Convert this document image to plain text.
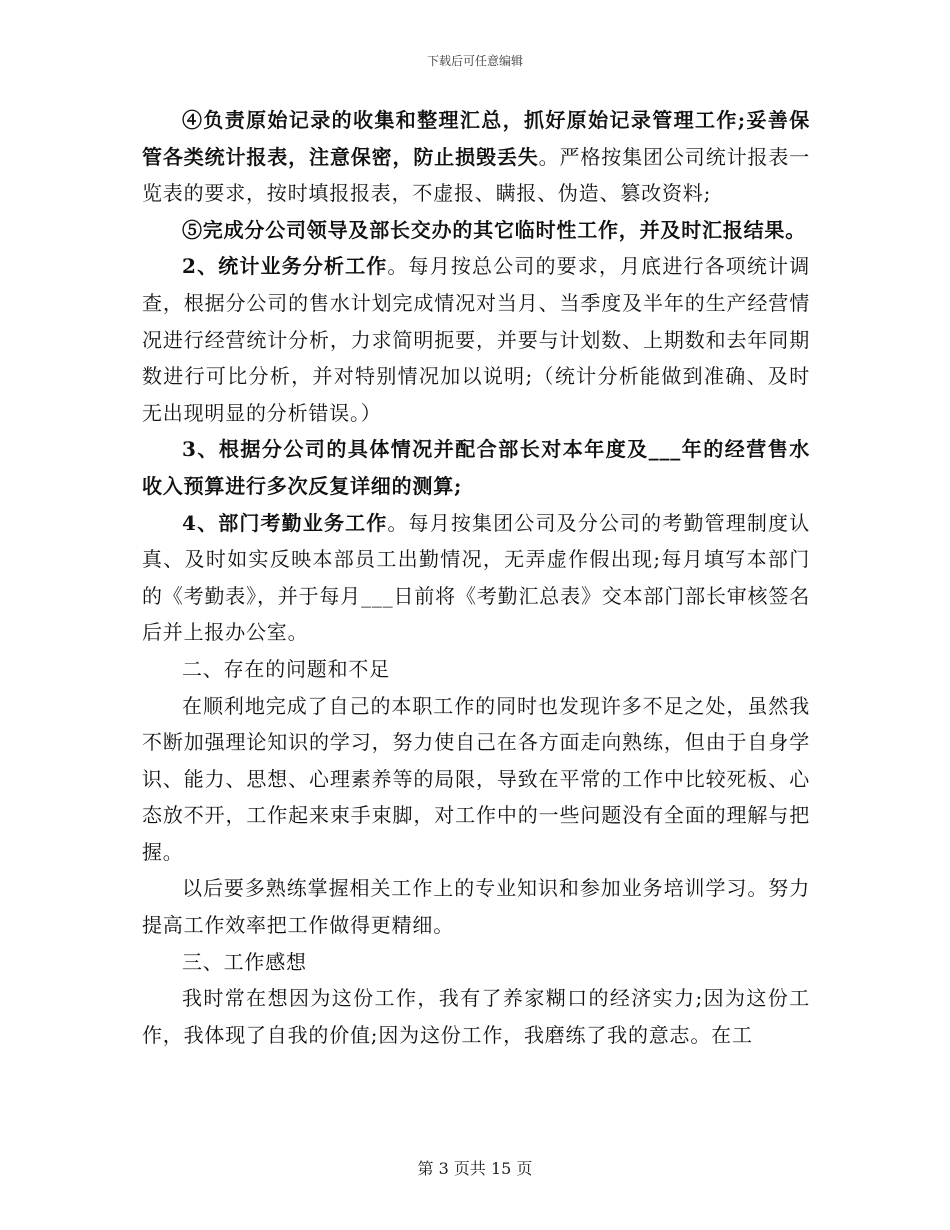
下载后可任意编辑

④负责原始记录的收集和整理汇总，抓好原始记录管理工作;妥善保管各类统计报表，注意保密，防止损毁丢失。严格按集团公司统计报表一览表的要求，按时填报报表，不虚报、瞒报、伪造、篡改资料;

⑤完成分公司领导及部长交办的其它临时性工作，并及时汇报结果。

2、统计业务分析工作。每月按总公司的要求，月底进行各项统计调查，根据分公司的售水计划完成情况对当月、当季度及半年的生产经营情况进行经营统计分析，力求简明扼要，并要与计划数、上期数和去年同期数进行可比分析，并对特别情况加以说明;（统计分析能做到准确、及时无出现明显的分析错误。）

3、根据分公司的具体情况并配合部长对本年度及___年的经营售水收入预算进行多次反复详细的测算;

4、部门考勤业务工作。每月按集团公司及分公司的考勤管理制度认真、及时如实反映本部员工出勤情况，无弄虚作假出现;每月填写本部门的《考勤表》，并于每月___日前将《考勤汇总表》交本部门部长审核签名后并上报办公室。

二、存在的问题和不足

在顺利地完成了自己的本职工作的同时也发现许多不足之处，虽然我不断加强理论知识的学习，努力使自己在各方面走向熟练，但由于自身学识、能力、思想、心理素养等的局限，导致在平常的工作中比较死板、心态放不开，工作起来束手束脚，对工作中的一些问题没有全面的理解与把握。

以后要多熟练掌握相关工作上的专业知识和参加业务培训学习。努力提高工作效率把工作做得更精细。

三、工作感想

我时常在想因为这份工作，我有了养家糊口的经济实力;因为这份工作，我体现了自我的价值;因为这份工作，我磨练了我的意志。在工

第 3 页共 15 页
